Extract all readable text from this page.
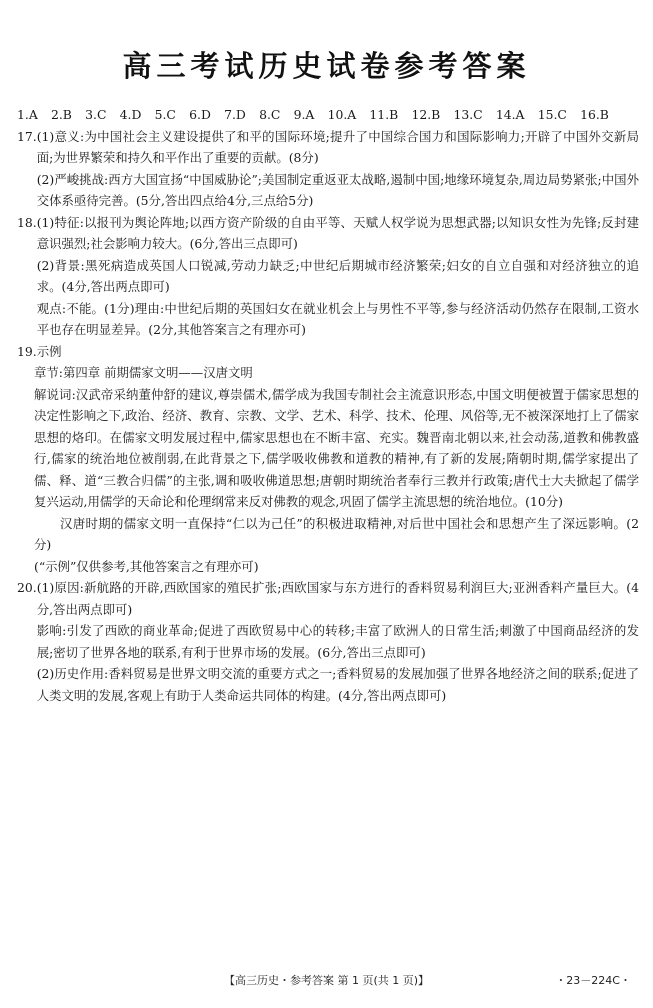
高三考试历史试卷参考答案
1.A 2.B 3.C 4.D 5.C 6.D 7.D 8.C 9.A 10.A 11.B 12.B 13.C 14.A 15.C 16.B
17. (1)意义:为中国社会主义建设提供了和平的国际环境;提升了中国综合国力和国际影响力;开辟了中国外交新局面;为世界繁荣和持久和平作出了重要的贡献。(8分)

(2)严峻挑战:西方大国宣扬“中国威胁论”;美国制定重返亚太战略,遏制中国;地缘环境复杂,周边局势紧张;中国外交体系亟待完善。(5分,答出四点给4分,三点给5分)

18. (1)特征:以报刊为舆论阵地;以西方资产阶级的自由平等、天赋人权学说为思想武器;以知识女性为先锋;反封建意识强烈;社会影响力较大。(6分,答出三点即可)

(2)背景:黑死病造成英国人口锐减,劳动力缺乏;中世纪后期城市经济繁荣;妇女的自立自强和对经济独立的追求。(4分,答出两点即可)

观点:不能。(1分)理由:中世纪后期的英国妇女在就业机会上与男性不平等,参与经济活动仍然存在限制,工资水平也存在明显差异。(2分,其他答案言之有理亦可)

19.示例

章节:第四章 前期儒家文明——汉唐文明

解说词:汉武帝采纳董仲舒的建议,尊崇儒术,儒学成为我国专制社会主流意识形态,中国文明便被置于儒家思想的决定性影响之下,政治、经济、教育、宗教、文学、艺术、科学、技术、伦理、风俗等,无不被深深地打上了儒家思想的烙印。在儒家文明发展过程中,儒家思想也在不断丰富、充实。魏晋南北朝以来,社会动荡,道教和佛教盛行,儒家的统治地位被削弱,在此背景之下,儒学吸收佛教和道教的精神,有了新的发展;隋朝时期,儒学家提出了儒、释、道“三教合归儒”的主张,调和吸收佛道思想;唐朝时期统治者奉行三教并行政策;唐代士大夫掀起了儒学复兴运动,用儒学的天命论和伦理纲常来反对佛教的观念,巩固了儒学主流思想的统治地位。(10分)

汉唐时期的儒家文明一直保持“仁以为己任”的积极进取精神,对后世中国社会和思想产生了深远影响。(2分)

(“示例”仅供参考,其他答案言之有理亦可)

20. (1)原因:新航路的开辟,西欧国家的殖民扩张;西欧国家与东方进行的香料贸易利润巨大;亚洲香料产量巨大。(4分,答出两点即可)

影响:引发了西欧的商业革命;促进了西欧贸易中心的转移;丰富了欧洲人的日常生活;刺激了中国商品经济的发展;密切了世界各地的联系,有利于世界市场的发展。(6分,答出三点即可)

(2)历史作用:香料贸易是世界文明交流的重要方式之一;香料贸易的发展加强了世界各地经济之间的联系;促进了人类文明的发展,客观上有助于人类命运共同体的构建。(4分,答出两点即可)

【高三历史・参考答案 第 1 页(共 1 页)】	・23－224C・
